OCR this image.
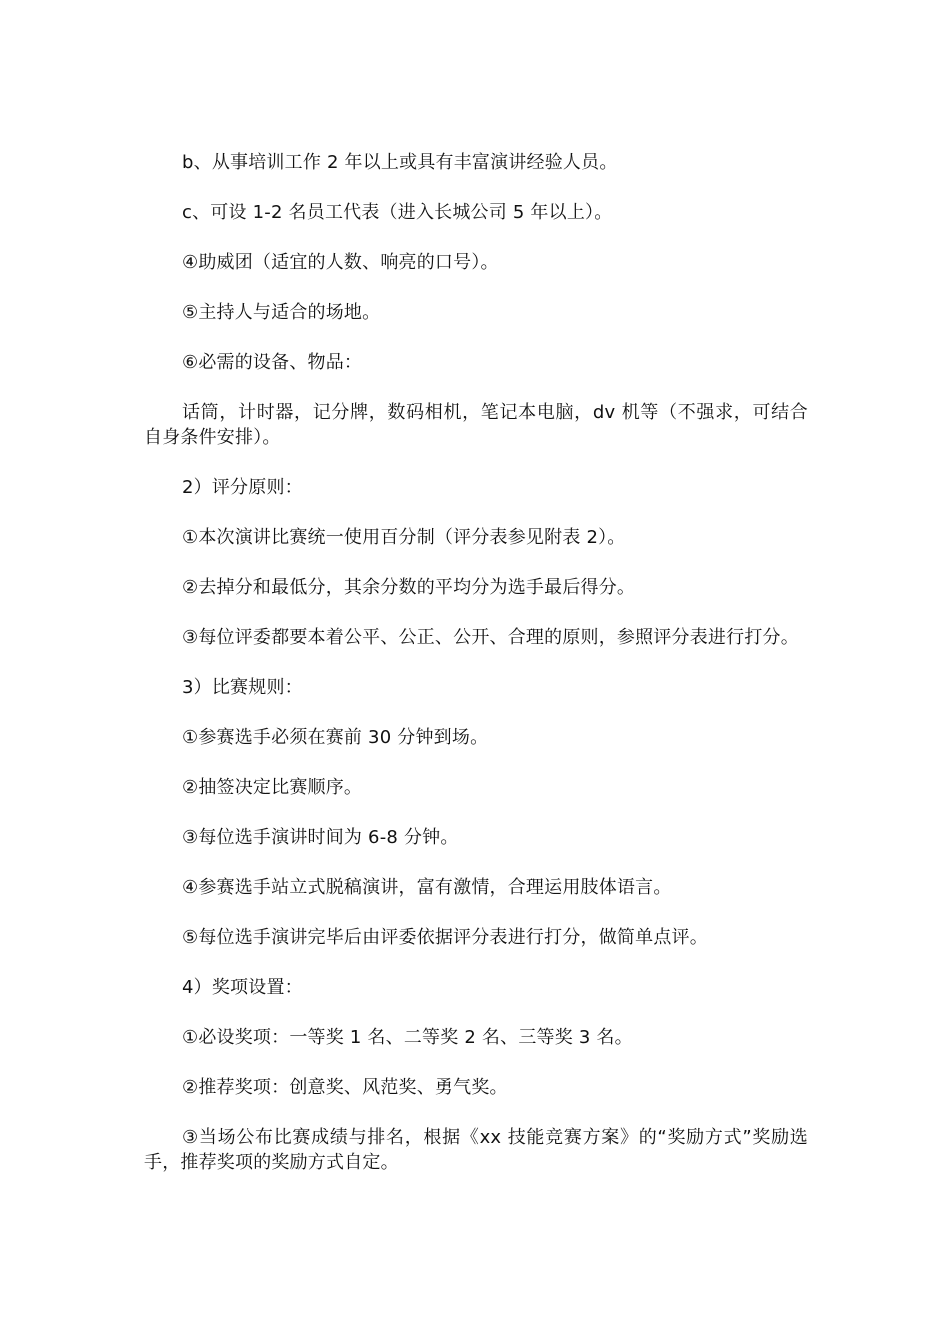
b、从事培训工作 2 年以上或具有丰富演讲经验人员。

c、可设 1-2 名员工代表（进入长城公司 5 年以上）。

④助威团（适宜的人数、响亮的口号）。

⑤主持人与适合的场地。

⑥必需的设备、物品：

话筒，计时器，记分牌，数码相机，笔记本电脑，dv 机等（不强求，可结合自身条件安排）。

2）评分原则：

①本次演讲比赛统一使用百分制（评分表参见附表 2）。

②去掉分和最低分，其余分数的平均分为选手最后得分。

③每位评委都要本着公平、公正、公开、合理的原则，参照评分表进行打分。

3）比赛规则：

①参赛选手必须在赛前 30 分钟到场。

②抽签决定比赛顺序。

③每位选手演讲时间为 6-8 分钟。

④参赛选手站立式脱稿演讲，富有激情，合理运用肢体语言。

⑤每位选手演讲完毕后由评委依据评分表进行打分，做简单点评。

4）奖项设置：

①必设奖项：一等奖 1 名、二等奖 2 名、三等奖 3 名。

②推荐奖项：创意奖、风范奖、勇气奖。

③当场公布比赛成绩与排名，根据《xx 技能竞赛方案》的“奖励方式”奖励选手，推荐奖项的奖励方式自定。
